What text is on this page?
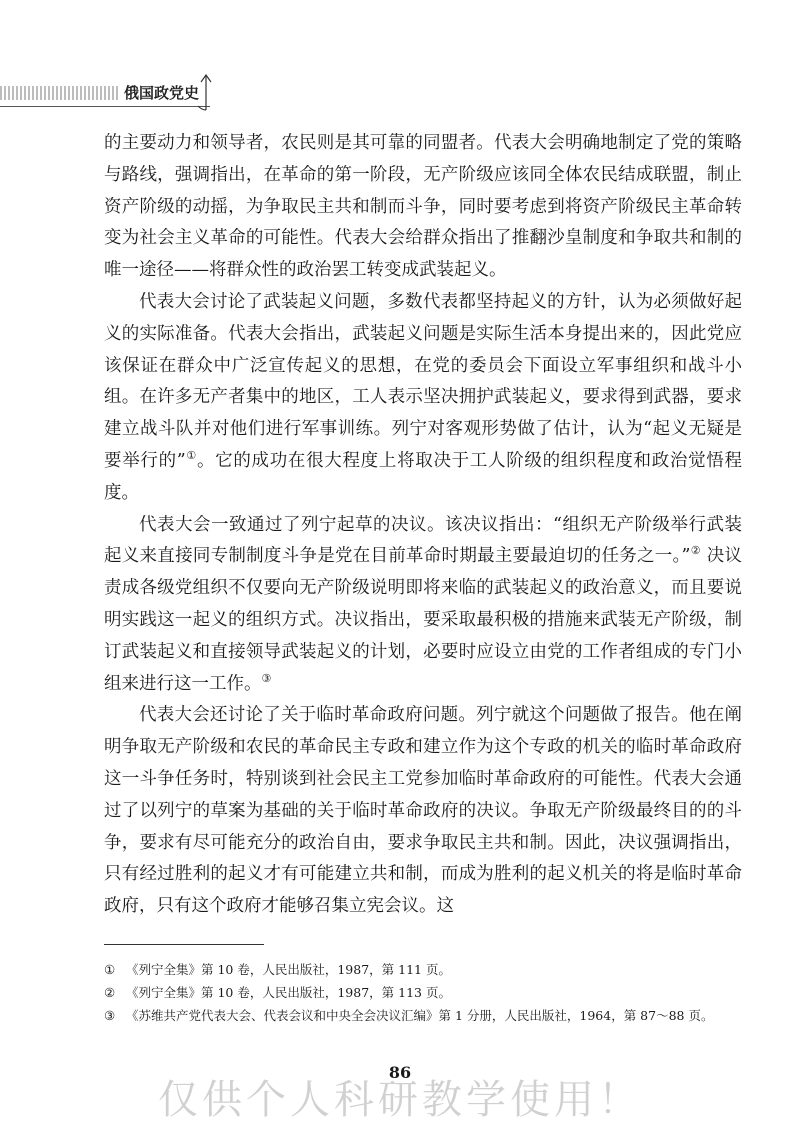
俄国政党史

的主要动力和领导者，农民则是其可靠的同盟者。代表大会明确地制定了党的策略与路线，强调指出，在革命的第一阶段，无产阶级应该同全体农民结成联盟，制止资产阶级的动摇，为争取民主共和制而斗争，同时要考虑到将资产阶级民主革命转变为社会主义革命的可能性。代表大会给群众指出了推翻沙皇制度和争取共和制的唯一途径——将群众性的政治罢工转变成武装起义。

代表大会讨论了武装起义问题，多数代表都坚持起义的方针，认为必须做好起义的实际准备。代表大会指出，武装起义问题是实际生活本身提出来的，因此党应该保证在群众中广泛宣传起义的思想，在党的委员会下面设立军事组织和战斗小组。在许多无产者集中的地区，工人表示坚决拥护武装起义，要求得到武器，要求建立战斗队并对他们进行军事训练。列宁对客观形势做了估计，认为“起义无疑是要举行的”①。它的成功在很大程度上将取决于工人阶级的组织程度和政治觉悟程度。

代表大会一致通过了列宁起草的决议。该决议指出：“组织无产阶级举行武装起义来直接同专制制度斗争是党在目前革命时期最主要最迫切的任务之一。”② 决议责成各级党组织不仅要向无产阶级说明即将来临的武装起义的政治意义，而且要说明实践这一起义的组织方式。决议指出，要采取最积极的措施来武装无产阶级，制订武装起义和直接领导武装起义的计划，必要时应设立由党的工作者组成的专门小组来进行这一工作。③

代表大会还讨论了关于临时革命政府问题。列宁就这个问题做了报告。他在阐明争取无产阶级和农民的革命民主专政和建立作为这个专政的机关的临时革命政府这一斗争任务时，特别谈到社会民主工党参加临时革命政府的可能性。代表大会通过了以列宁的草案为基础的关于临时革命政府的决议。争取无产阶级最终目的的斗争，要求有尽可能充分的政治自由，要求争取民主共和制。因此，决议强调指出，只有经过胜利的起义才有可能建立共和制，而成为胜利的起义机关的将是临时革命政府，只有这个政府才能够召集立宪会议。这

① 《列宁全集》第 10 卷，人民出版社，1987，第 111 页。
② 《列宁全集》第 10 卷，人民出版社，1987，第 113 页。
③ 《苏维共产党代表大会、代表会议和中央全会决议汇编》第 1 分册，人民出版社，1964，第 87～88 页。
86
仅供个人科研教学使用！
